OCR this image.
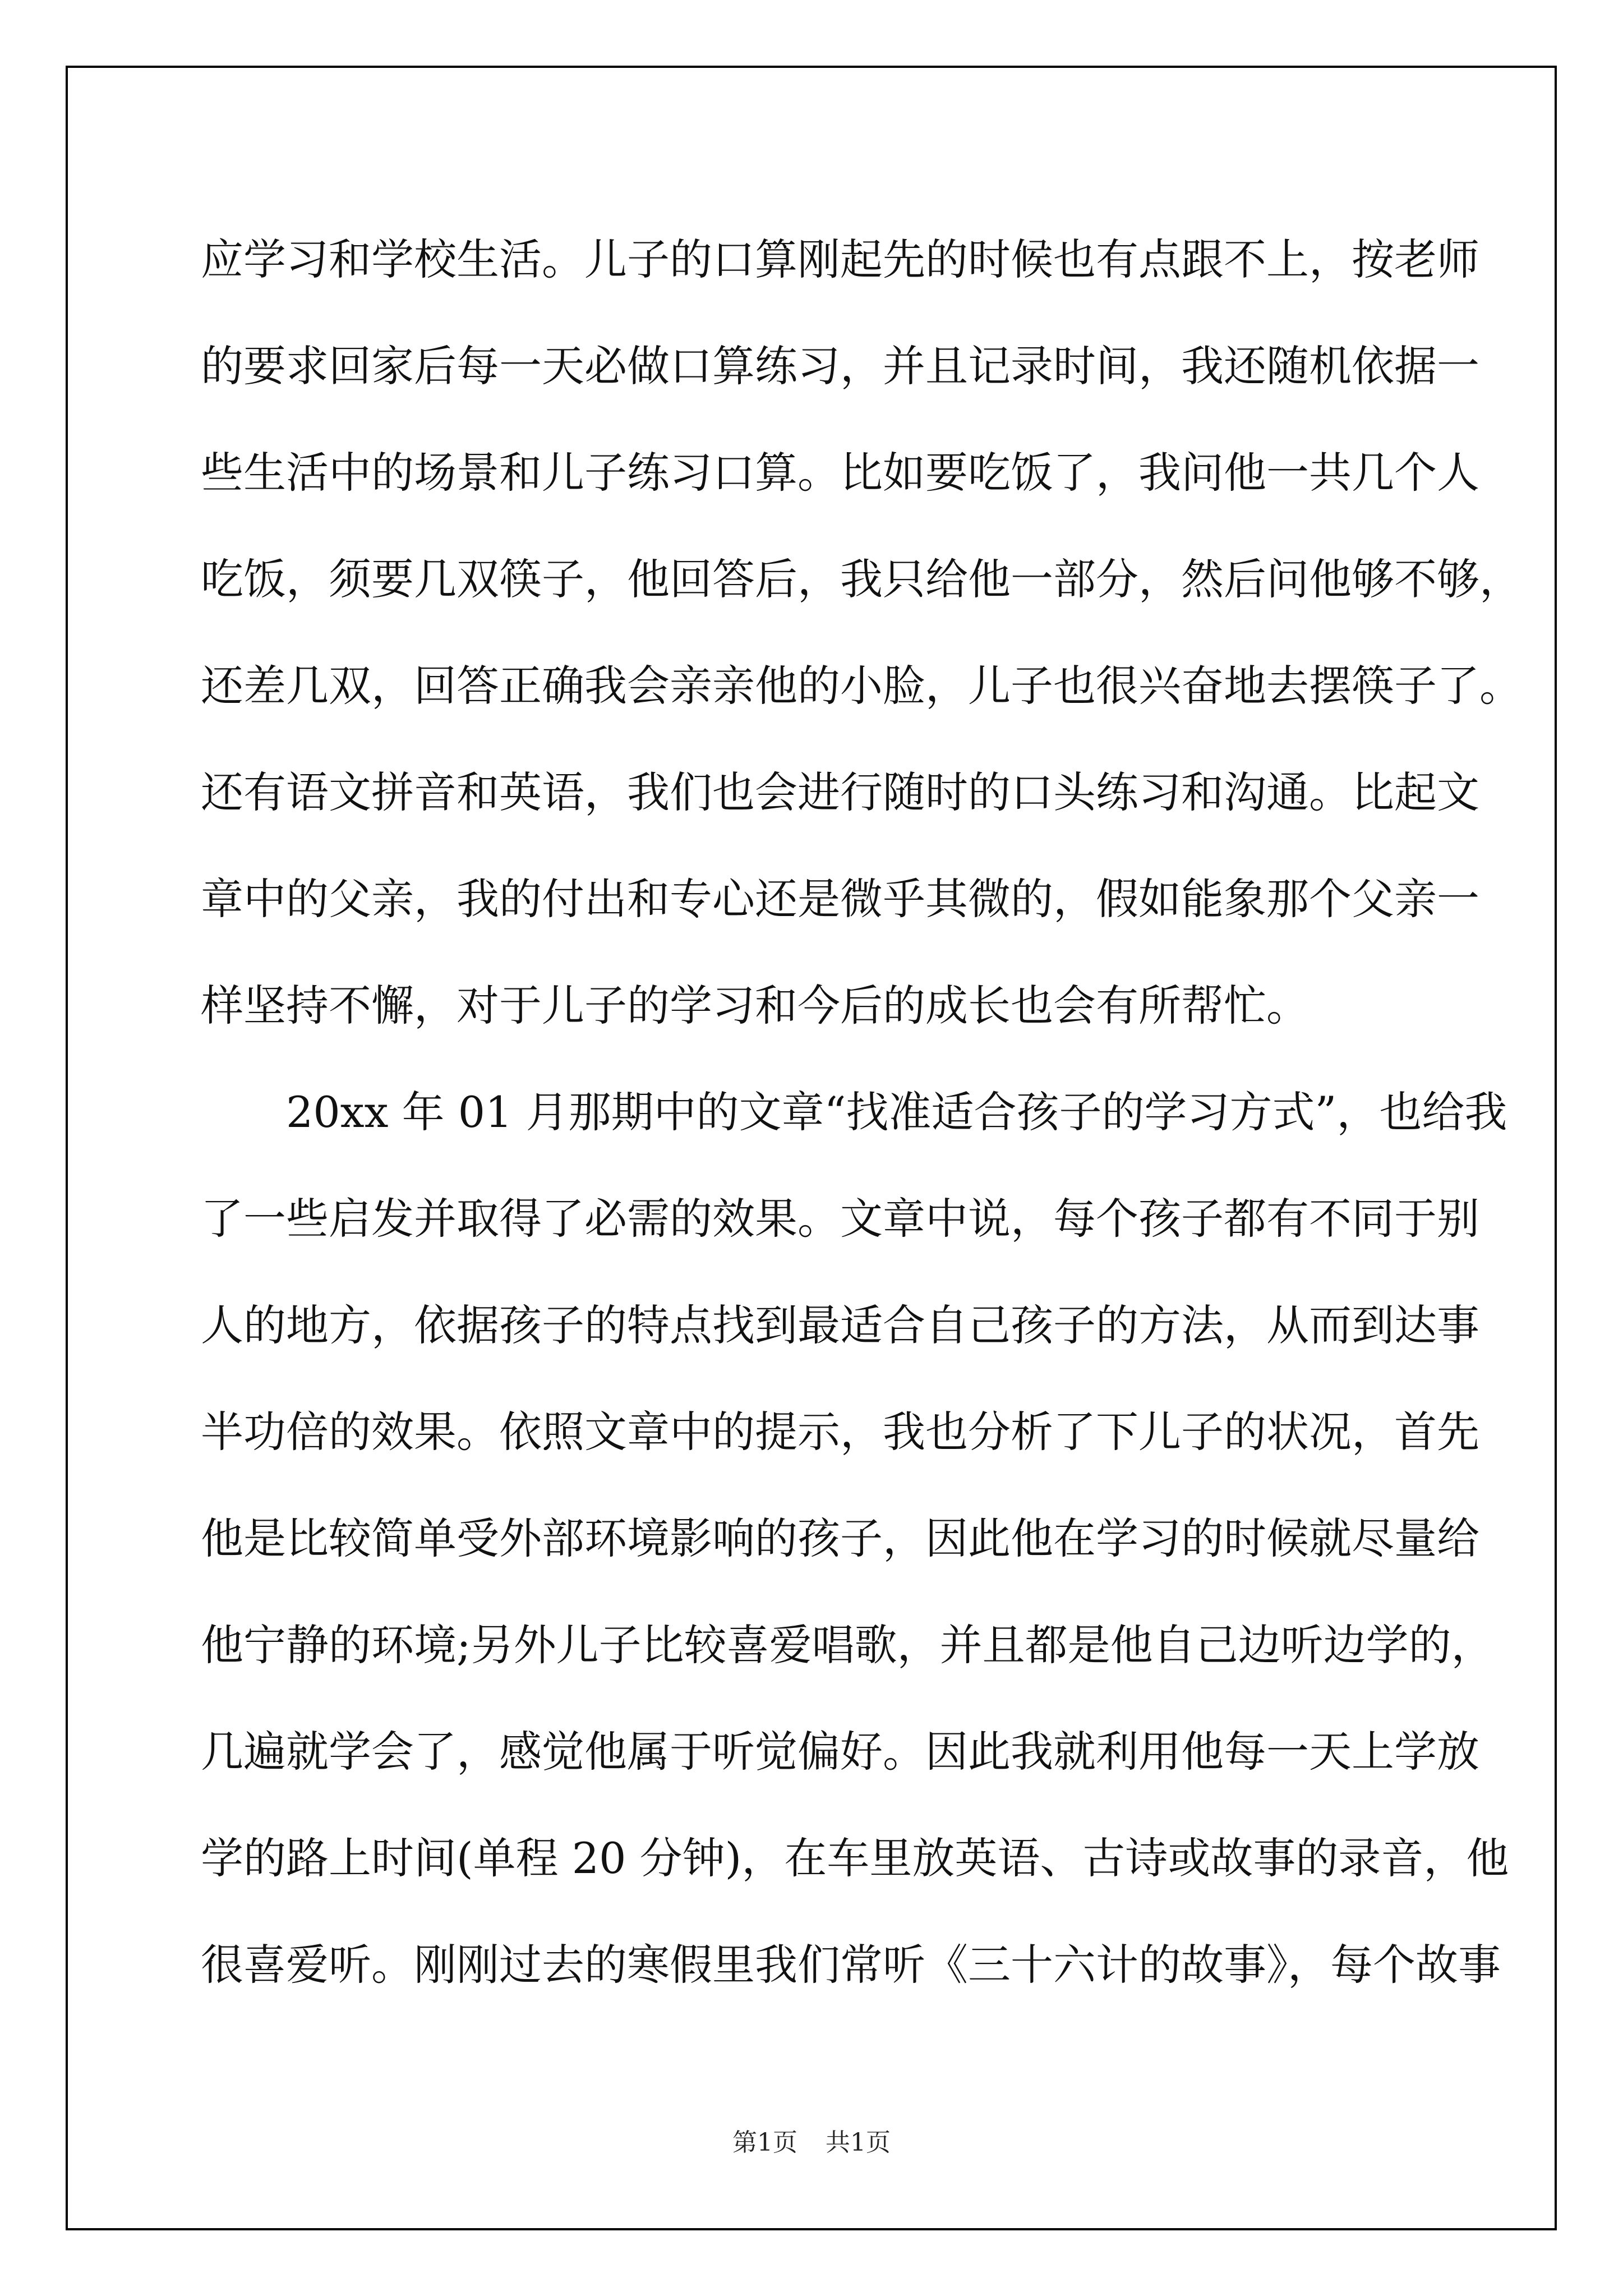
应学习和学校生活。儿子的口算刚起先的时候也有点跟不上，按老师
的要求回家后每一天必做口算练习，并且记录时间，我还随机依据一
些生活中的场景和儿子练习口算。比如要吃饭了，我问他一共几个人
吃饭，须要几双筷子，他回答后，我只给他一部分，然后问他够不够，
还差几双，回答正确我会亲亲他的小脸，儿子也很兴奋地去摆筷子了。
还有语文拼音和英语，我们也会进行随时的口头练习和沟通。比起文
章中的父亲，我的付出和专心还是微乎其微的，假如能象那个父亲一
样坚持不懈，对于儿子的学习和今后的成长也会有所帮忙。
20xx 年 01 月那期中的文章“找准适合孩子的学习方式”，也给我
了一些启发并取得了必需的效果。文章中说，每个孩子都有不同于别
人的地方，依据孩子的特点找到最适合自己孩子的方法，从而到达事
半功倍的效果。依照文章中的提示，我也分析了下儿子的状况，首先
他是比较简单受外部环境影响的孩子，因此他在学习的时候就尽量给
他宁静的环境;另外儿子比较喜爱唱歌，并且都是他自己边听边学的，
几遍就学会了，感觉他属于听觉偏好。因此我就利用他每一天上学放
学的路上时间(单程 20 分钟)，在车里放英语、古诗或故事的录音，他
很喜爱听。刚刚过去的寒假里我们常听《三十六计的故事》，每个故事
第1页 共1页
